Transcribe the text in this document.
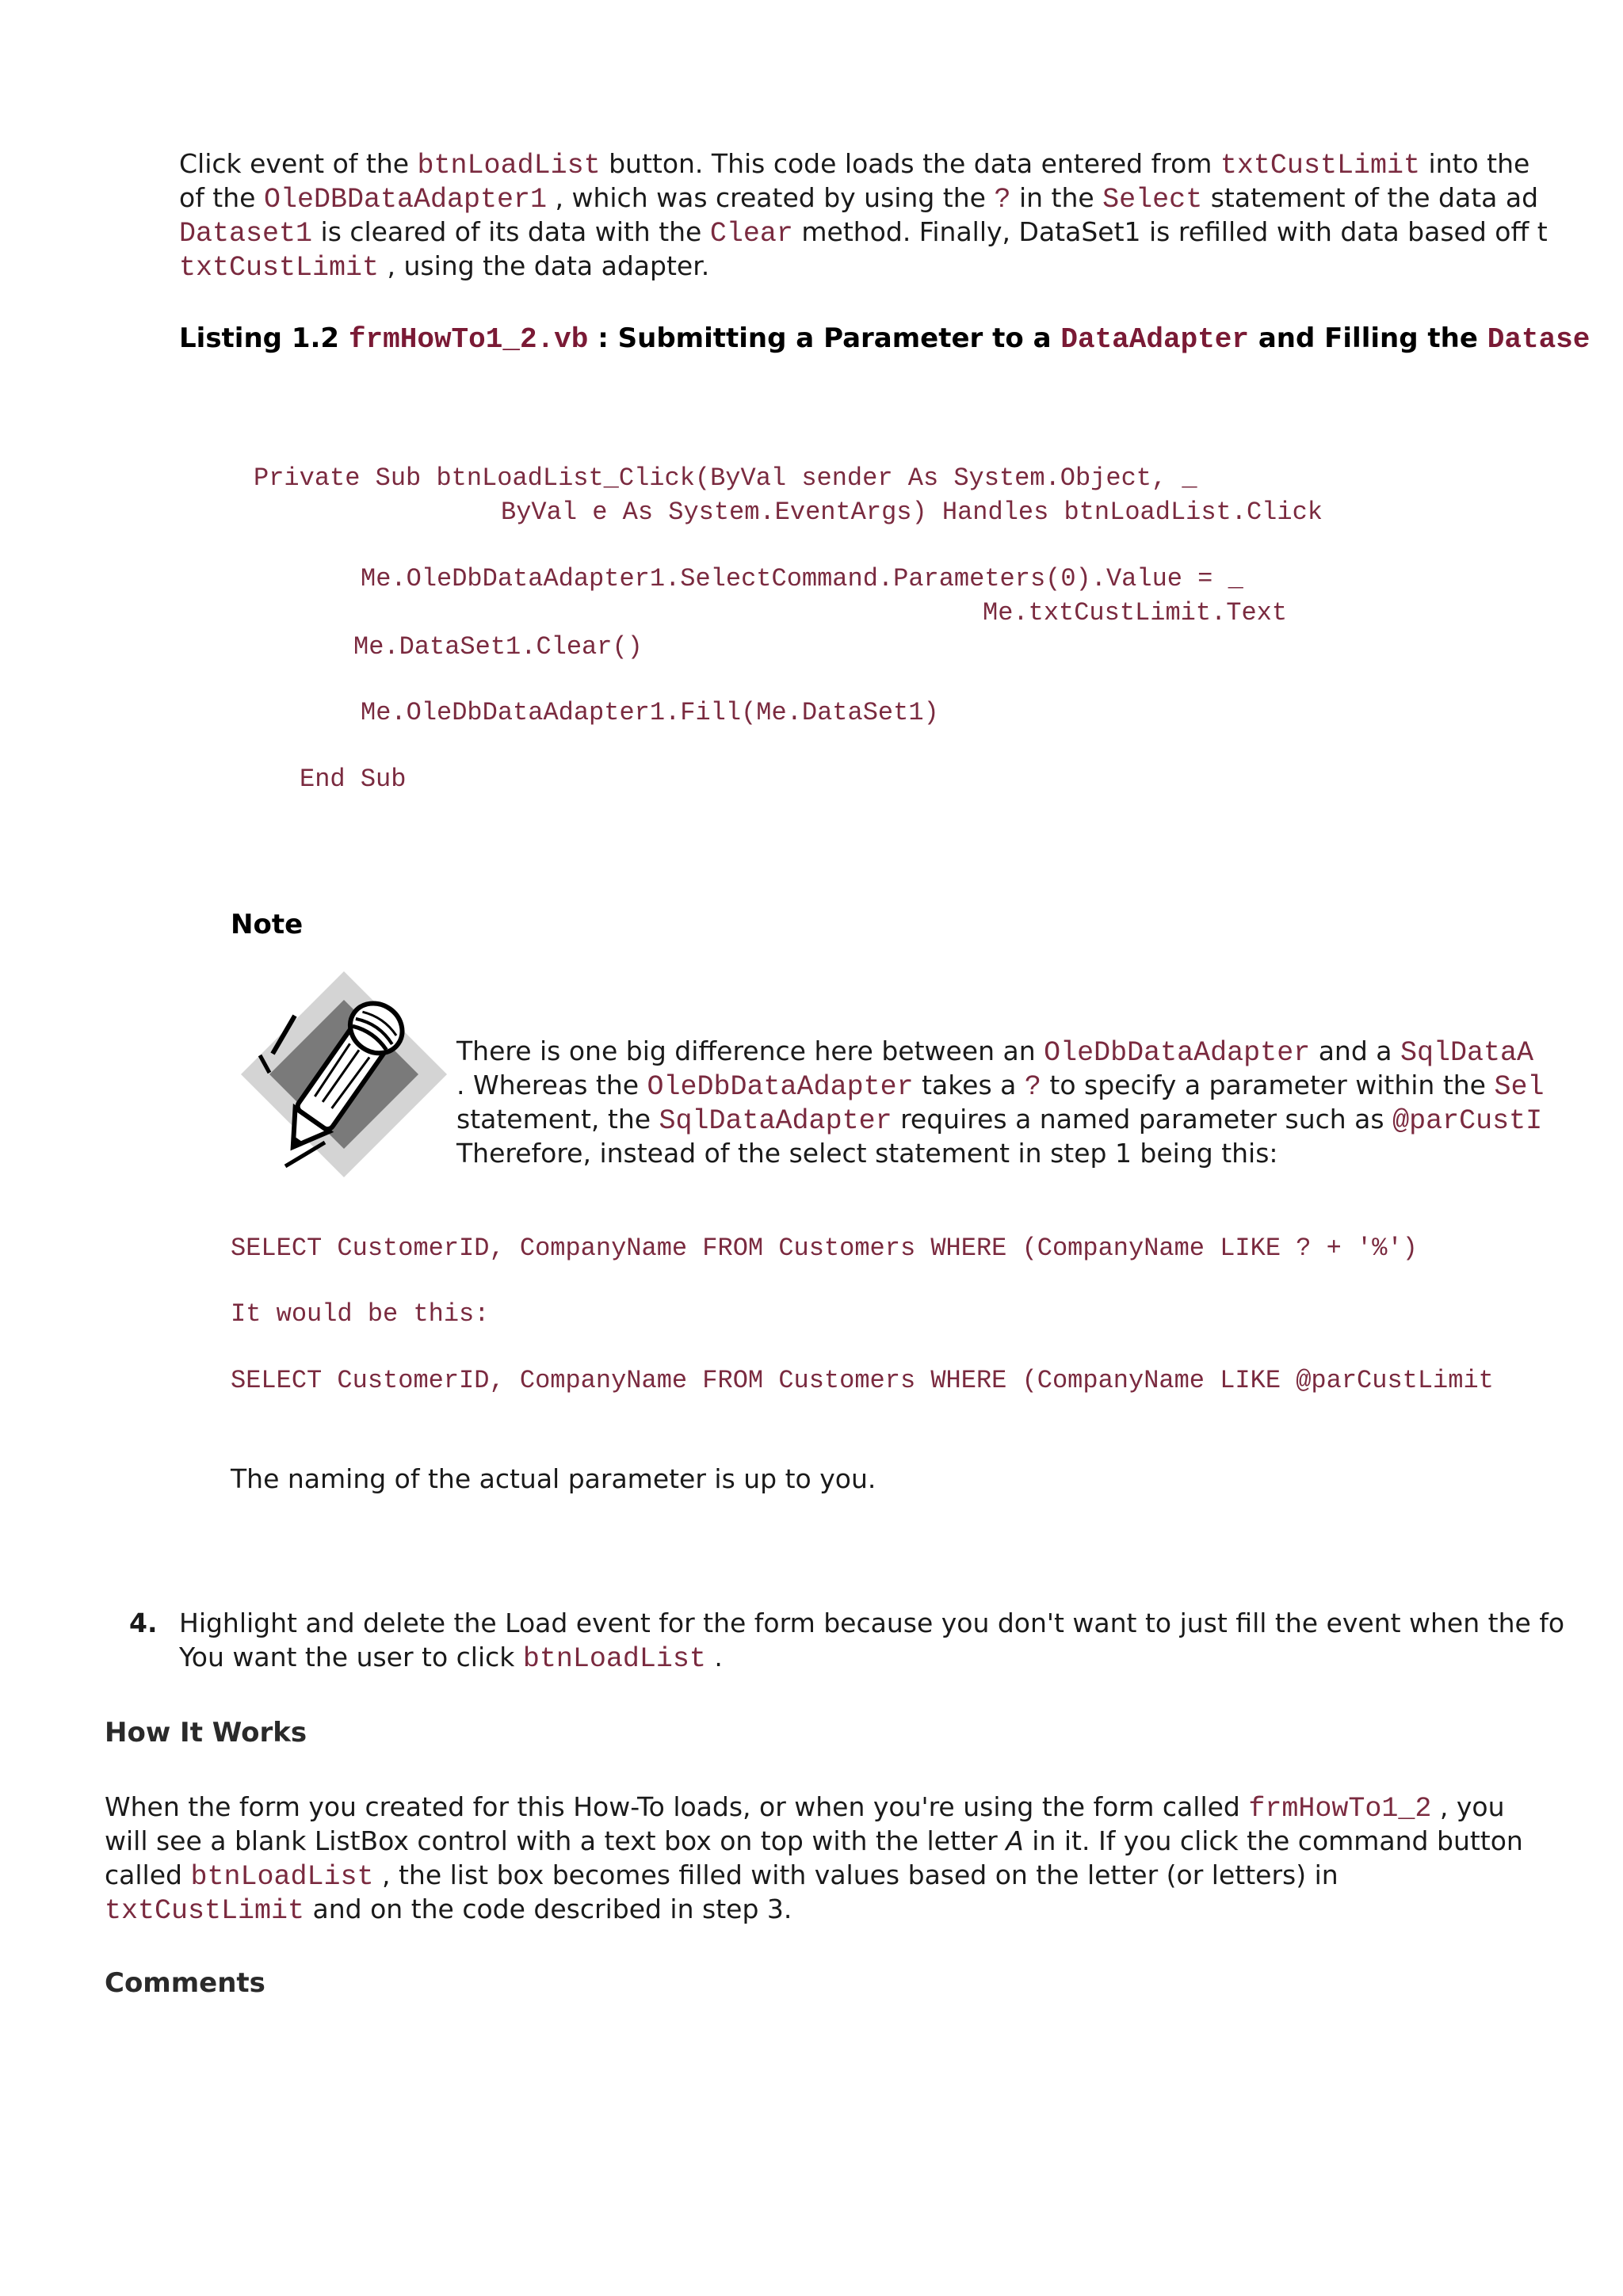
Click event of the btnLoadList button. This code loads the data entered from txtCustLimit into the
of the OleDBDataAdapter1 , which was created by using the ? in the Select statement of the data ad
Dataset1 is cleared of its data with the Clear method. Finally, DataSet1 is refilled with data based off t
txtCustLimit , using the data adapter.
Listing 1.2 frmHowTo1_2.vb : Submitting a Parameter to a DataAdapter and Filling the Datase
Private Sub btnLoadList_Click(ByVal sender As System.Object, _
ByVal e As System.EventArgs) Handles btnLoadList.Click
Me.OleDbDataAdapter1.SelectCommand.Parameters(0).Value = _
Me.txtCustLimit.Text
Me.DataSet1.Clear()
Me.OleDbDataAdapter1.Fill(Me.DataSet1)
End Sub
Note
There is one big difference here between an OleDbDataAdapter and a SqlDataA
. Whereas the OleDbDataAdapter takes a ? to specify a parameter within the Sel
statement, the SqlDataAdapter requires a named parameter such as @parCustI
Therefore, instead of the select statement in step 1 being this:
SELECT CustomerID, CompanyName FROM Customers WHERE (CompanyName LIKE ? + '%')
It would be this:
SELECT CustomerID, CompanyName FROM Customers WHERE (CompanyName LIKE @parCustLimit
The naming of the actual parameter is up to you.
4. Highlight and delete the Load event for the form because you don't want to just fill the event when the fo
You want the user to click btnLoadList .
How It Works
When the form you created for this How-To loads, or when you're using the form called frmHowTo1_2 , you
will see a blank ListBox control with a text box on top with the letter A in it. If you click the command button
called btnLoadList , the list box becomes filled with values based on the letter (or letters) in
txtCustLimit and on the code described in step 3.
Comments
